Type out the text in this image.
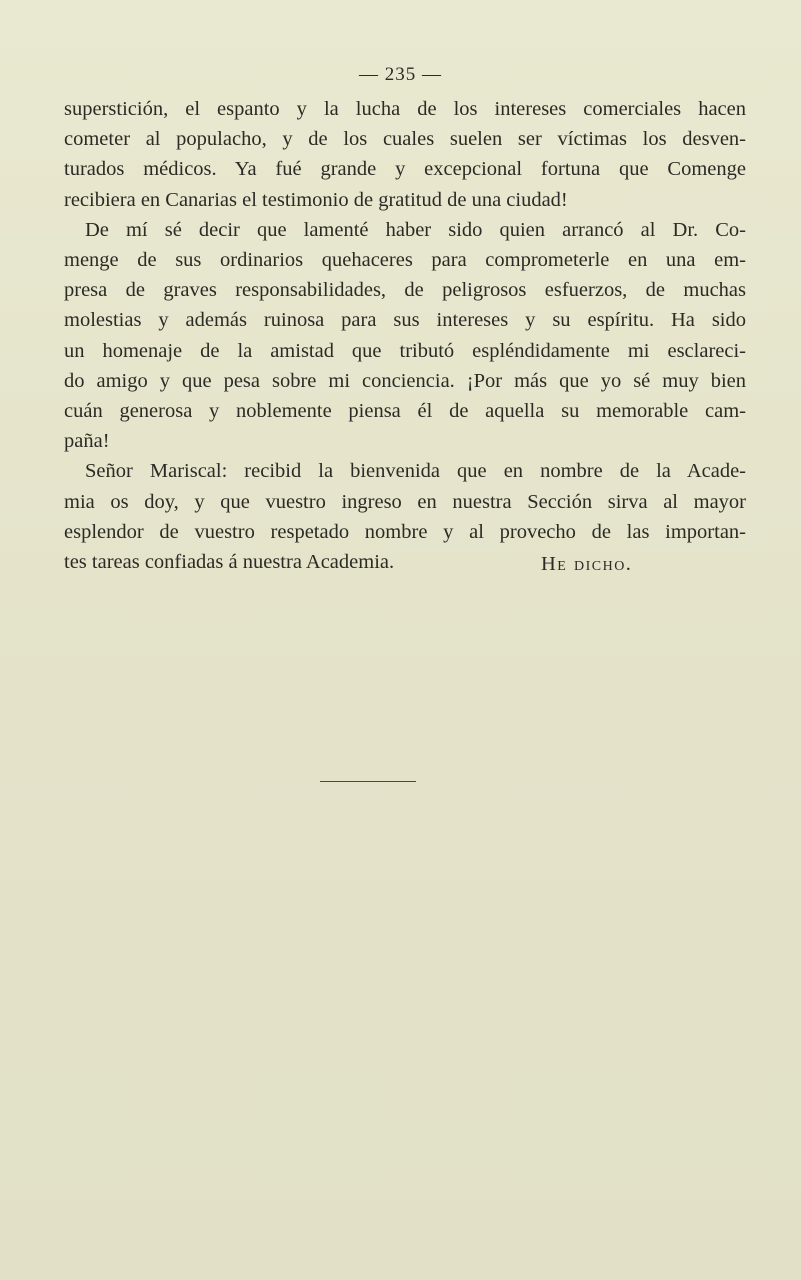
— 235 —
superstición, el espanto y la lucha de los intereses comerciales hacen
cometer al populacho, y de los cuales suelen ser víctimas los desven-
turados médicos. Ya fué grande y excepcional fortuna que Comenge
recibiera en Canarias el testimonio de gratitud de una ciudad!
De mí sé decir que lamenté haber sido quien arrancó al Dr. Co-
menge de sus ordinarios quehaceres para comprometerle en una em-
presa de graves responsabilidades, de peligrosos esfuerzos, de muchas
molestias y además ruinosa para sus intereses y su espíritu. Ha sido
un homenaje de la amistad que tributó espléndidamente mi esclareci-
do amigo y que pesa sobre mi conciencia. ¡Por más que yo sé muy bien
cuán generosa y noblemente piensa él de aquella su memorable cam-
paña!
Señor Mariscal: recibid la bienvenida que en nombre de la Acade-
mia os doy, y que vuestro ingreso en nuestra Sección sirva al mayor
esplendor de vuestro respetado nombre y al provecho de las importan-
tes tareas confiadas á nuestra Academia.	He dicho.
